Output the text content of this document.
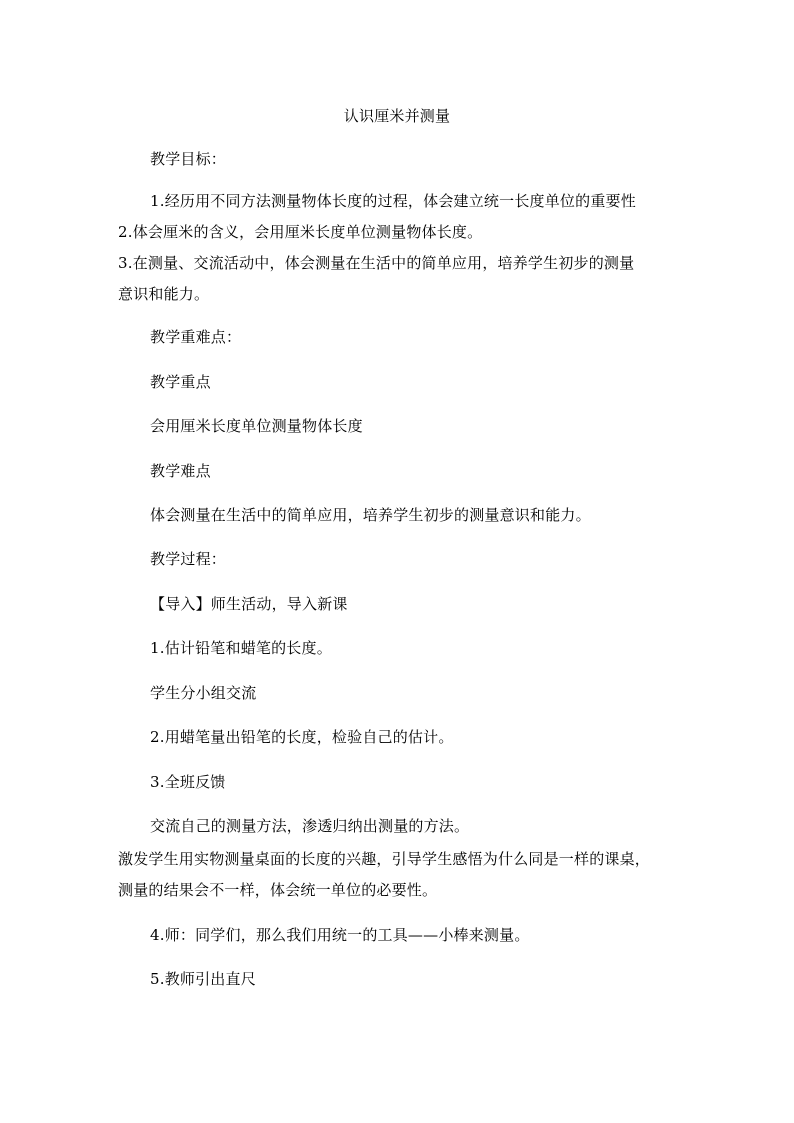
认识厘米并测量
教学目标：
1.经历用不同方法测量物体长度的过程，体会建立统一长度单位的重要性
2.体会厘米的含义，会用厘米长度单位测量物体长度。
3.在测量、交流活动中，体会测量在生活中的简单应用，培养学生初步的测量
意识和能力。
教学重难点：
教学重点
会用厘米长度单位测量物体长度
教学难点
体会测量在生活中的简单应用，培养学生初步的测量意识和能力。
教学过程：
【导入】师生活动，导入新课
1.估计铅笔和蜡笔的长度。
学生分小组交流
2.用蜡笔量出铅笔的长度，检验自己的估计。
3.全班反馈
交流自己的测量方法，渗透归纳出测量的方法。
激发学生用实物测量桌面的长度的兴趣，引导学生感悟为什么同是一样的课桌，
测量的结果会不一样，体会统一单位的必要性。
4.师：同学们，那么我们用统一的工具——小棒来测量。
5.教师引出直尺
